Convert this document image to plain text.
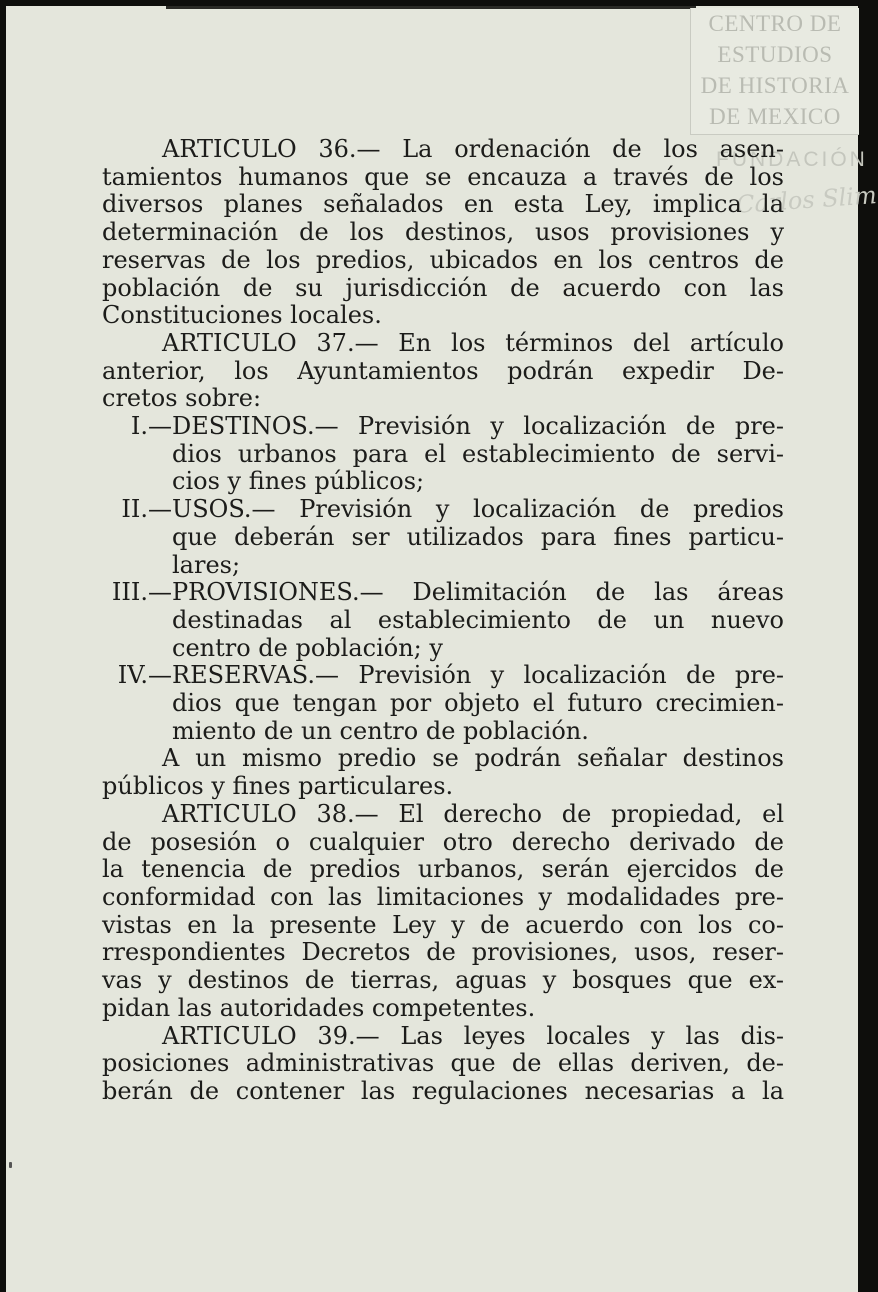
CENTRO DE
ESTUDIOS
DE HISTORIA
DE MEXICO
FUNDACIÓN
Carlos Slim

ARTICULO 36.— La ordenación de los asen-

tamientos humanos que se encauza a través de los

diversos planes señalados en esta Ley, implica la

determinación de los destinos, usos provisiones y

reservas de los predios, ubicados en los centros de

población de su jurisdicción de acuerdo con las

Constituciones locales.

ARTICULO 37.— En los términos del artículo

anterior, los Ayuntamientos podrán expedir De-

cretos sobre:

I.— DESTINOS.— Previsión y localización de pre-

dios urbanos para el establecimiento de servi-

cios y fines públicos;

II.— USOS.— Previsión y localización de predios

que deberán ser utilizados para fines particu-

lares;

III.— PROVISIONES.— Delimitación de las áreas

destinadas al establecimiento de un nuevo

centro de población; y

IV.— RESERVAS.— Previsión y localización de pre-

dios que tengan por objeto el futuro crecimien-

miento de un centro de población.

A un mismo predio se podrán señalar destinos

públicos y fines particulares.

ARTICULO 38.— El derecho de propiedad, el

de posesión o cualquier otro derecho derivado de

la tenencia de predios urbanos, serán ejercidos de

conformidad con las limitaciones y modalidades pre-

vistas en la presente Ley y de acuerdo con los co-

rrespondientes Decretos de provisiones, usos, reser-

vas y destinos de tierras, aguas y bosques que ex-

pidan las autoridades competentes.

ARTICULO 39.— Las leyes locales y las dis-

posiciones administrativas que de ellas deriven, de-

berán de contener las regulaciones necesarias a la
